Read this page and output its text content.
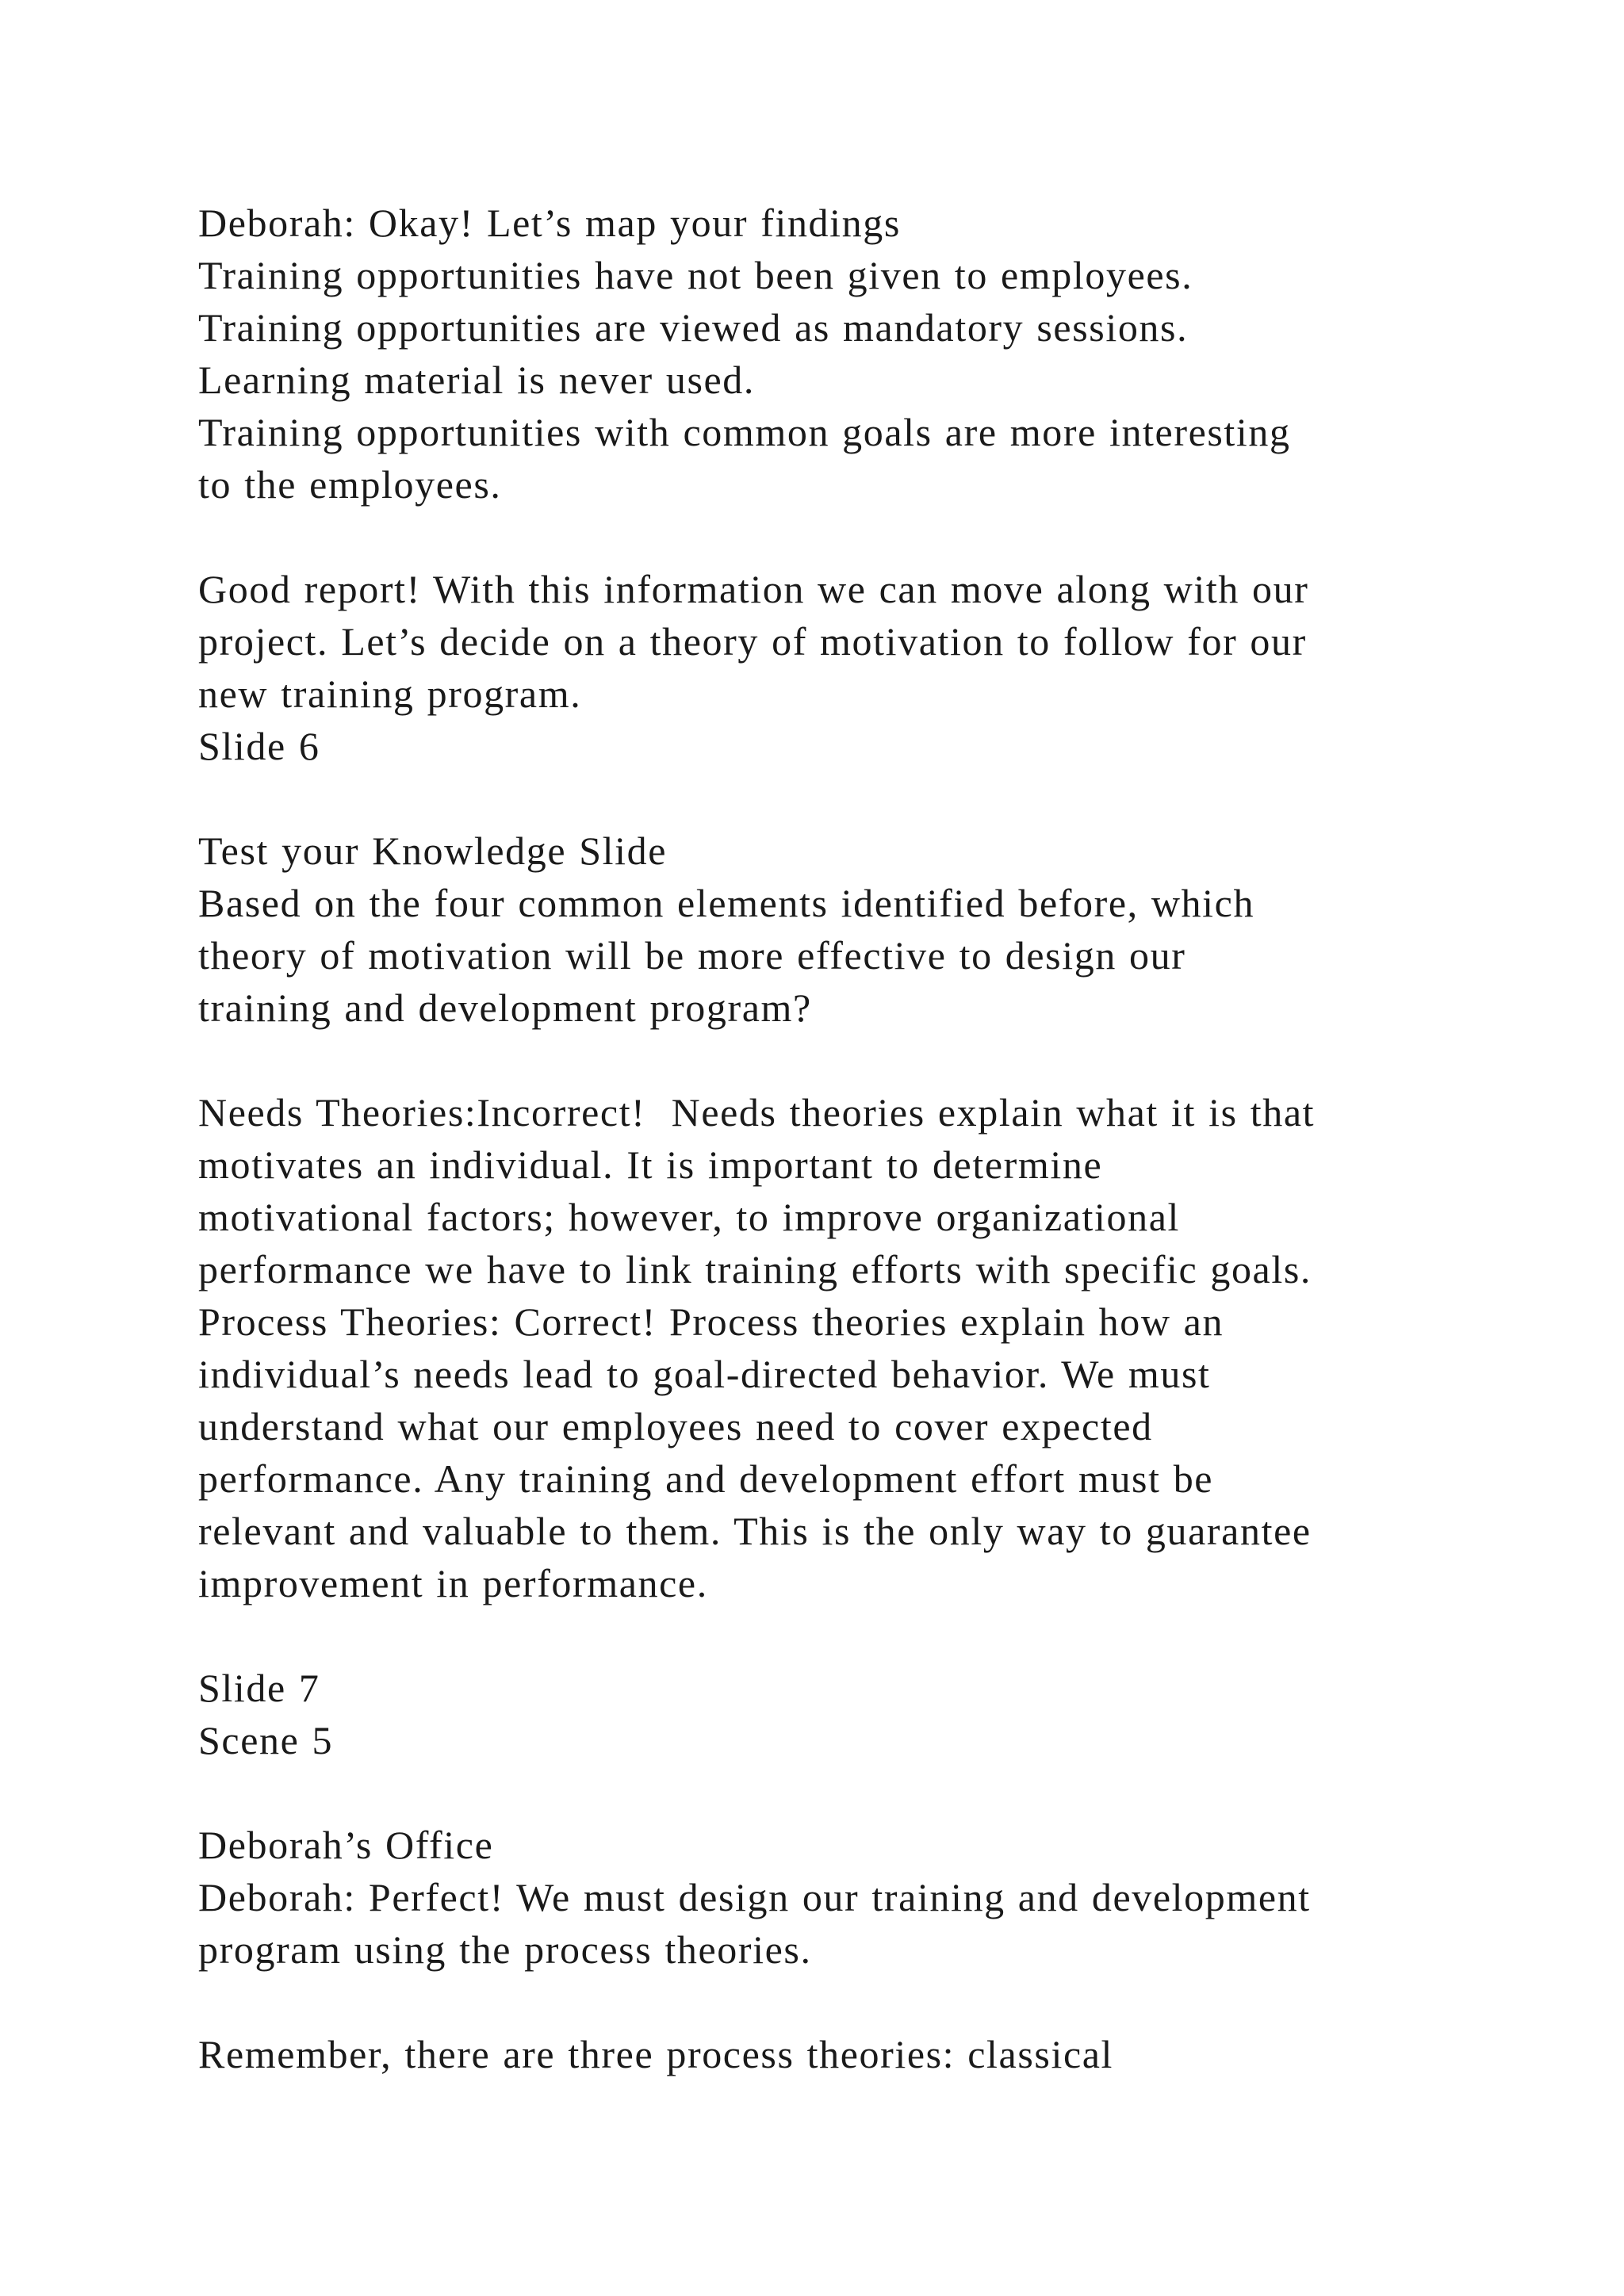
Deborah: Okay! Let’s map your findings
Training opportunities have not been given to employees.
Training opportunities are viewed as mandatory sessions.
Learning material is never used.
Training opportunities with common goals are more interesting
to the employees.
Good report! With this information we can move along with our
project. Let’s decide on a theory of motivation to follow for our
new training program.
Slide 6
Test your Knowledge Slide
Based on the four common elements identified before, which
theory of motivation will be more effective to design our
training and development program?
Needs Theories:Incorrect!  Needs theories explain what it is that
motivates an individual. It is important to determine
motivational factors; however, to improve organizational
performance we have to link training efforts with specific goals.
Process Theories: Correct! Process theories explain how an
individual’s needs lead to goal-directed behavior. We must
understand what our employees need to cover expected
performance. Any training and development effort must be
relevant and valuable to them. This is the only way to guarantee
improvement in performance.
Slide 7
Scene 5
Deborah’s Office
Deborah: Perfect! We must design our training and development
program using the process theories.
Remember, there are three process theories: classical
